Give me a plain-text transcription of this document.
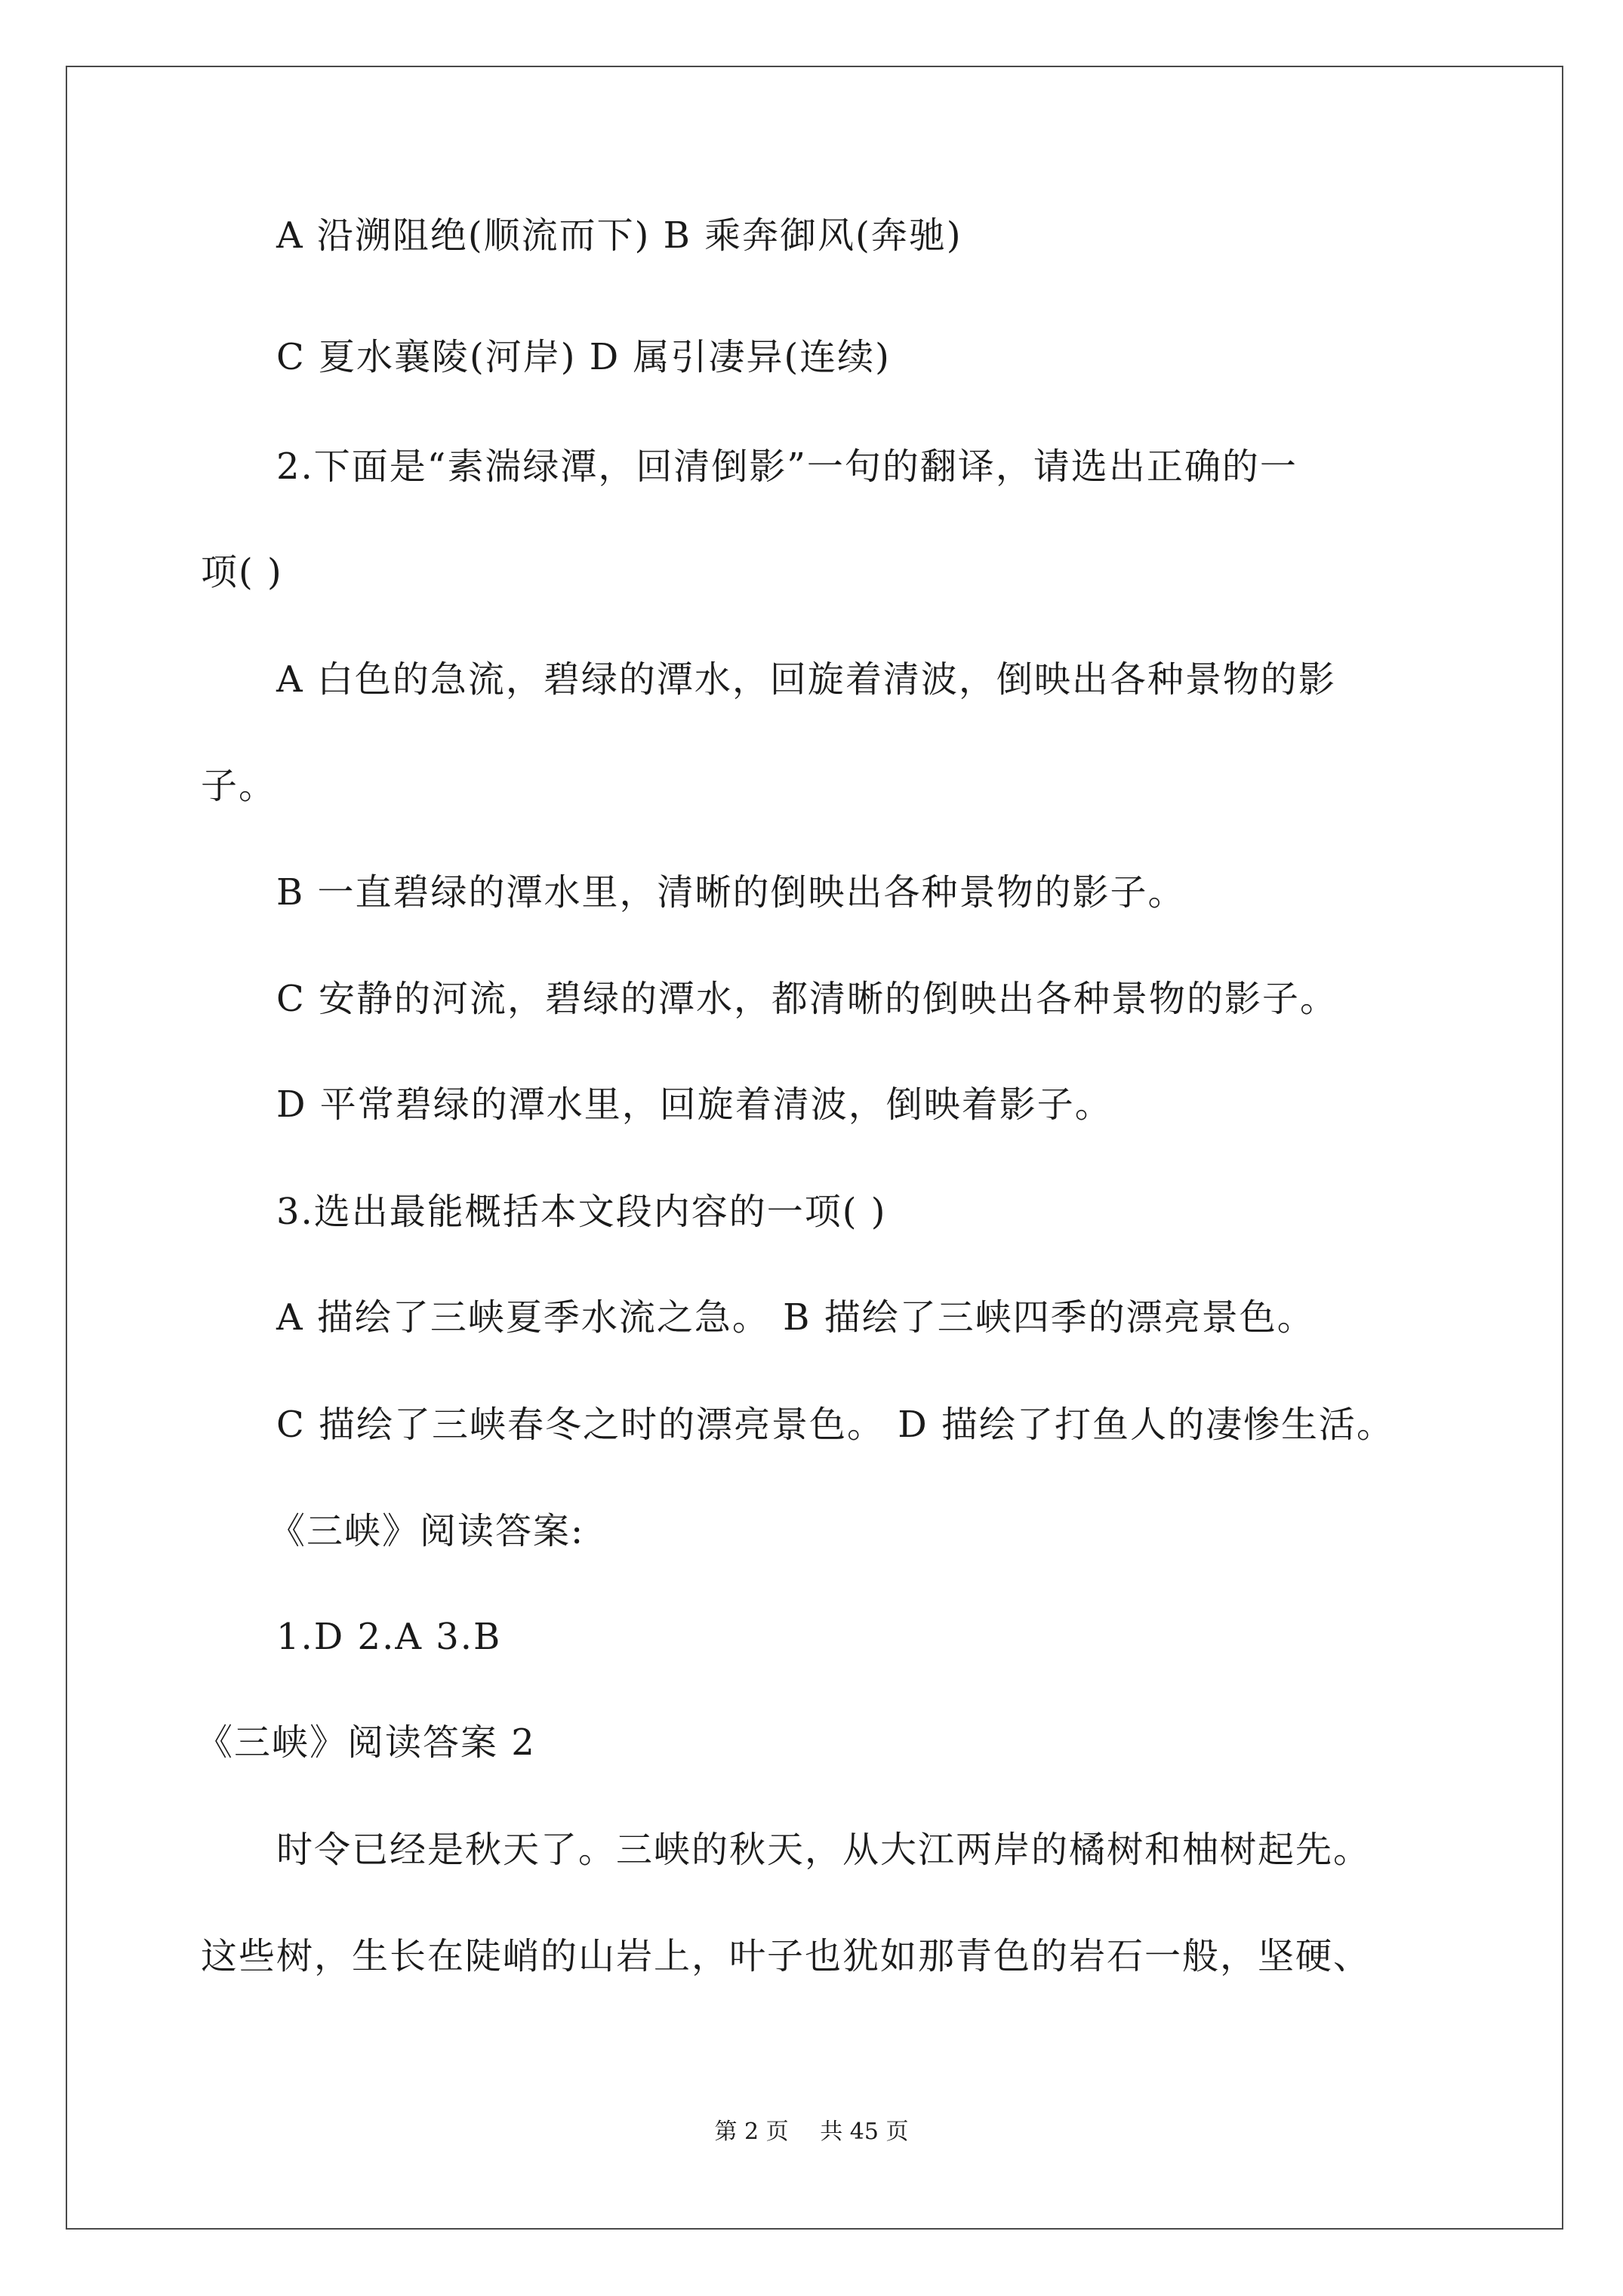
A 沿溯阻绝(顺流而下) B 乘奔御风(奔驰)
C 夏水襄陵(河岸) D 属引凄异(连续)
2.下面是“素湍绿潭，回清倒影”一句的翻译，请选出正确的一
项( )
A 白色的急流，碧绿的潭水，回旋着清波，倒映出各种景物的影
子。
B 一直碧绿的潭水里，清晰的倒映出各种景物的影子。
C 安静的河流，碧绿的潭水，都清晰的倒映出各种景物的影子。
D 平常碧绿的潭水里，回旋着清波，倒映着影子。
3.选出最能概括本文段内容的一项( )
A 描绘了三峡夏季水流之急。 B 描绘了三峡四季的漂亮景色。
C 描绘了三峡春冬之时的漂亮景色。 D 描绘了打鱼人的凄惨生活。
《三峡》阅读答案:
1.D 2.A 3.B
《三峡》阅读答案 2
时令已经是秋天了。三峡的秋天，从大江两岸的橘树和柚树起先。
这些树，生长在陡峭的山岩上，叶子也犹如那青色的岩石一般，坚硬、
第 2 页 共 45 页
